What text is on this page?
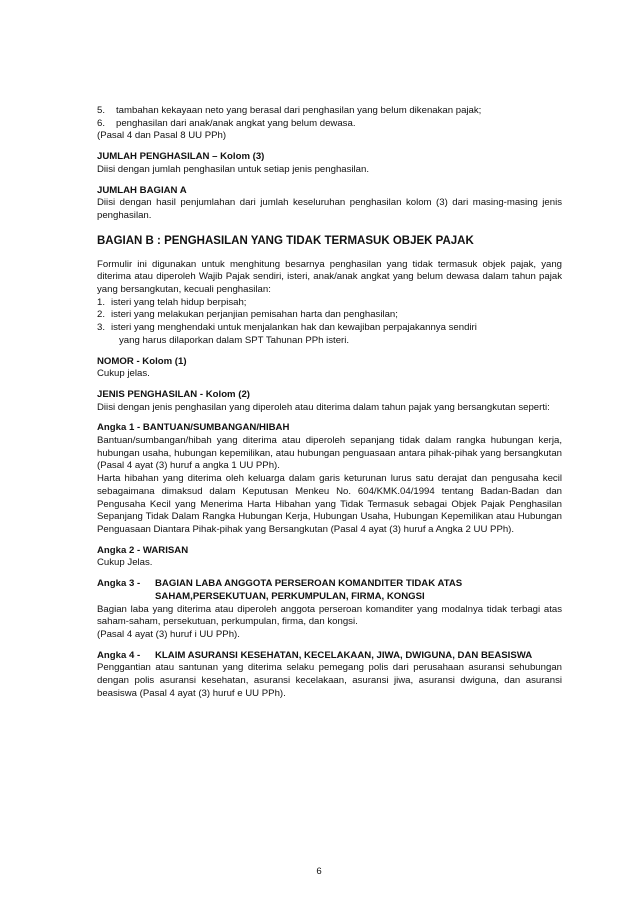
5.	tambahan kekayaan neto yang berasal dari penghasilan yang belum dikenakan pajak;
6.	penghasilan dari anak/anak angkat yang belum dewasa.

(Pasal 4 dan Pasal 8 UU PPh)

JUMLAH PENGHASILAN – Kolom (3)

Diisi dengan jumlah penghasilan untuk setiap jenis penghasilan.

JUMLAH BAGIAN A

Diisi dengan hasil penjumlahan dari jumlah keseluruhan penghasilan kolom (3) dari masing-masing jenis penghasilan.

BAGIAN B : PENGHASILAN YANG TIDAK TERMASUK OBJEK PAJAK

Formulir ini digunakan untuk menghitung besarnya penghasilan yang tidak termasuk objek pajak, yang diterima atau diperoleh Wajib Pajak sendiri, isteri, anak/anak angkat yang belum dewasa dalam tahun pajak yang bersangkutan, kecuali penghasilan:

1. isteri yang telah hidup berpisah;
2. isteri yang melakukan perjanjian pemisahan harta dan penghasilan;
3. isteri yang menghendaki untuk menjalankan hak dan kewajiban perpajakannya sendiri

yang harus dilaporkan dalam SPT Tahunan PPh isteri.

NOMOR - Kolom (1)

Cukup jelas.

JENIS PENGHASILAN - Kolom (2)

Diisi dengan jenis penghasilan yang diperoleh atau diterima dalam tahun pajak yang bersangkutan seperti:

Angka 1 - BANTUAN/SUMBANGAN/HIBAH

Bantuan/sumbangan/hibah yang diterima atau diperoleh sepanjang tidak dalam rangka hubungan kerja, hubungan usaha, hubungan kepemilikan, atau hubungan penguasaan antara pihak-pihak yang bersangkutan (Pasal 4 ayat (3) huruf a angka 1 UU PPh).

Harta hibahan yang diterima oleh keluarga dalam garis keturunan lurus satu derajat dan pengusaha kecil sebagaimana dimaksud dalam Keputusan Menkeu No. 604/KMK.04/1994 tentang Badan-Badan dan Pengusaha Kecil yang Menerima Harta Hibahan yang Tidak Termasuk sebagai Objek Pajak Penghasilan Sepanjang Tidak Dalam Rangka Hubungan Kerja, Hubungan Usaha, Hubungan Kepemilikan atau Hubungan Penguasaan Diantara Pihak-pihak yang Bersangkutan (Pasal 4 ayat (3) huruf a Angka 2 UU PPh).

Angka 2 - WARISAN

Cukup Jelas.

Angka 3 -	BAGIAN LABA ANGGOTA PERSEROAN KOMANDITER TIDAK ATAS SAHAM,PERSEKUTUAN, PERKUMPULAN, FIRMA, KONGSI

Bagian laba yang diterima atau diperoleh anggota perseroan komanditer yang modalnya tidak terbagi atas saham-saham, persekutuan, perkumpulan, firma, dan kongsi.

(Pasal 4 ayat (3) huruf i UU PPh).

Angka 4 -	KLAIM ASURANSI KESEHATAN, KECELAKAAN, JIWA, DWIGUNA, DAN BEASISWA

Penggantian atau santunan yang diterima selaku pemegang polis dari perusahaan asuransi sehubungan dengan polis asuransi kesehatan, asuransi kecelakaan, asuransi jiwa, asuransi dwiguna, dan asuransi beasiswa (Pasal 4 ayat (3) huruf e UU PPh).

6
